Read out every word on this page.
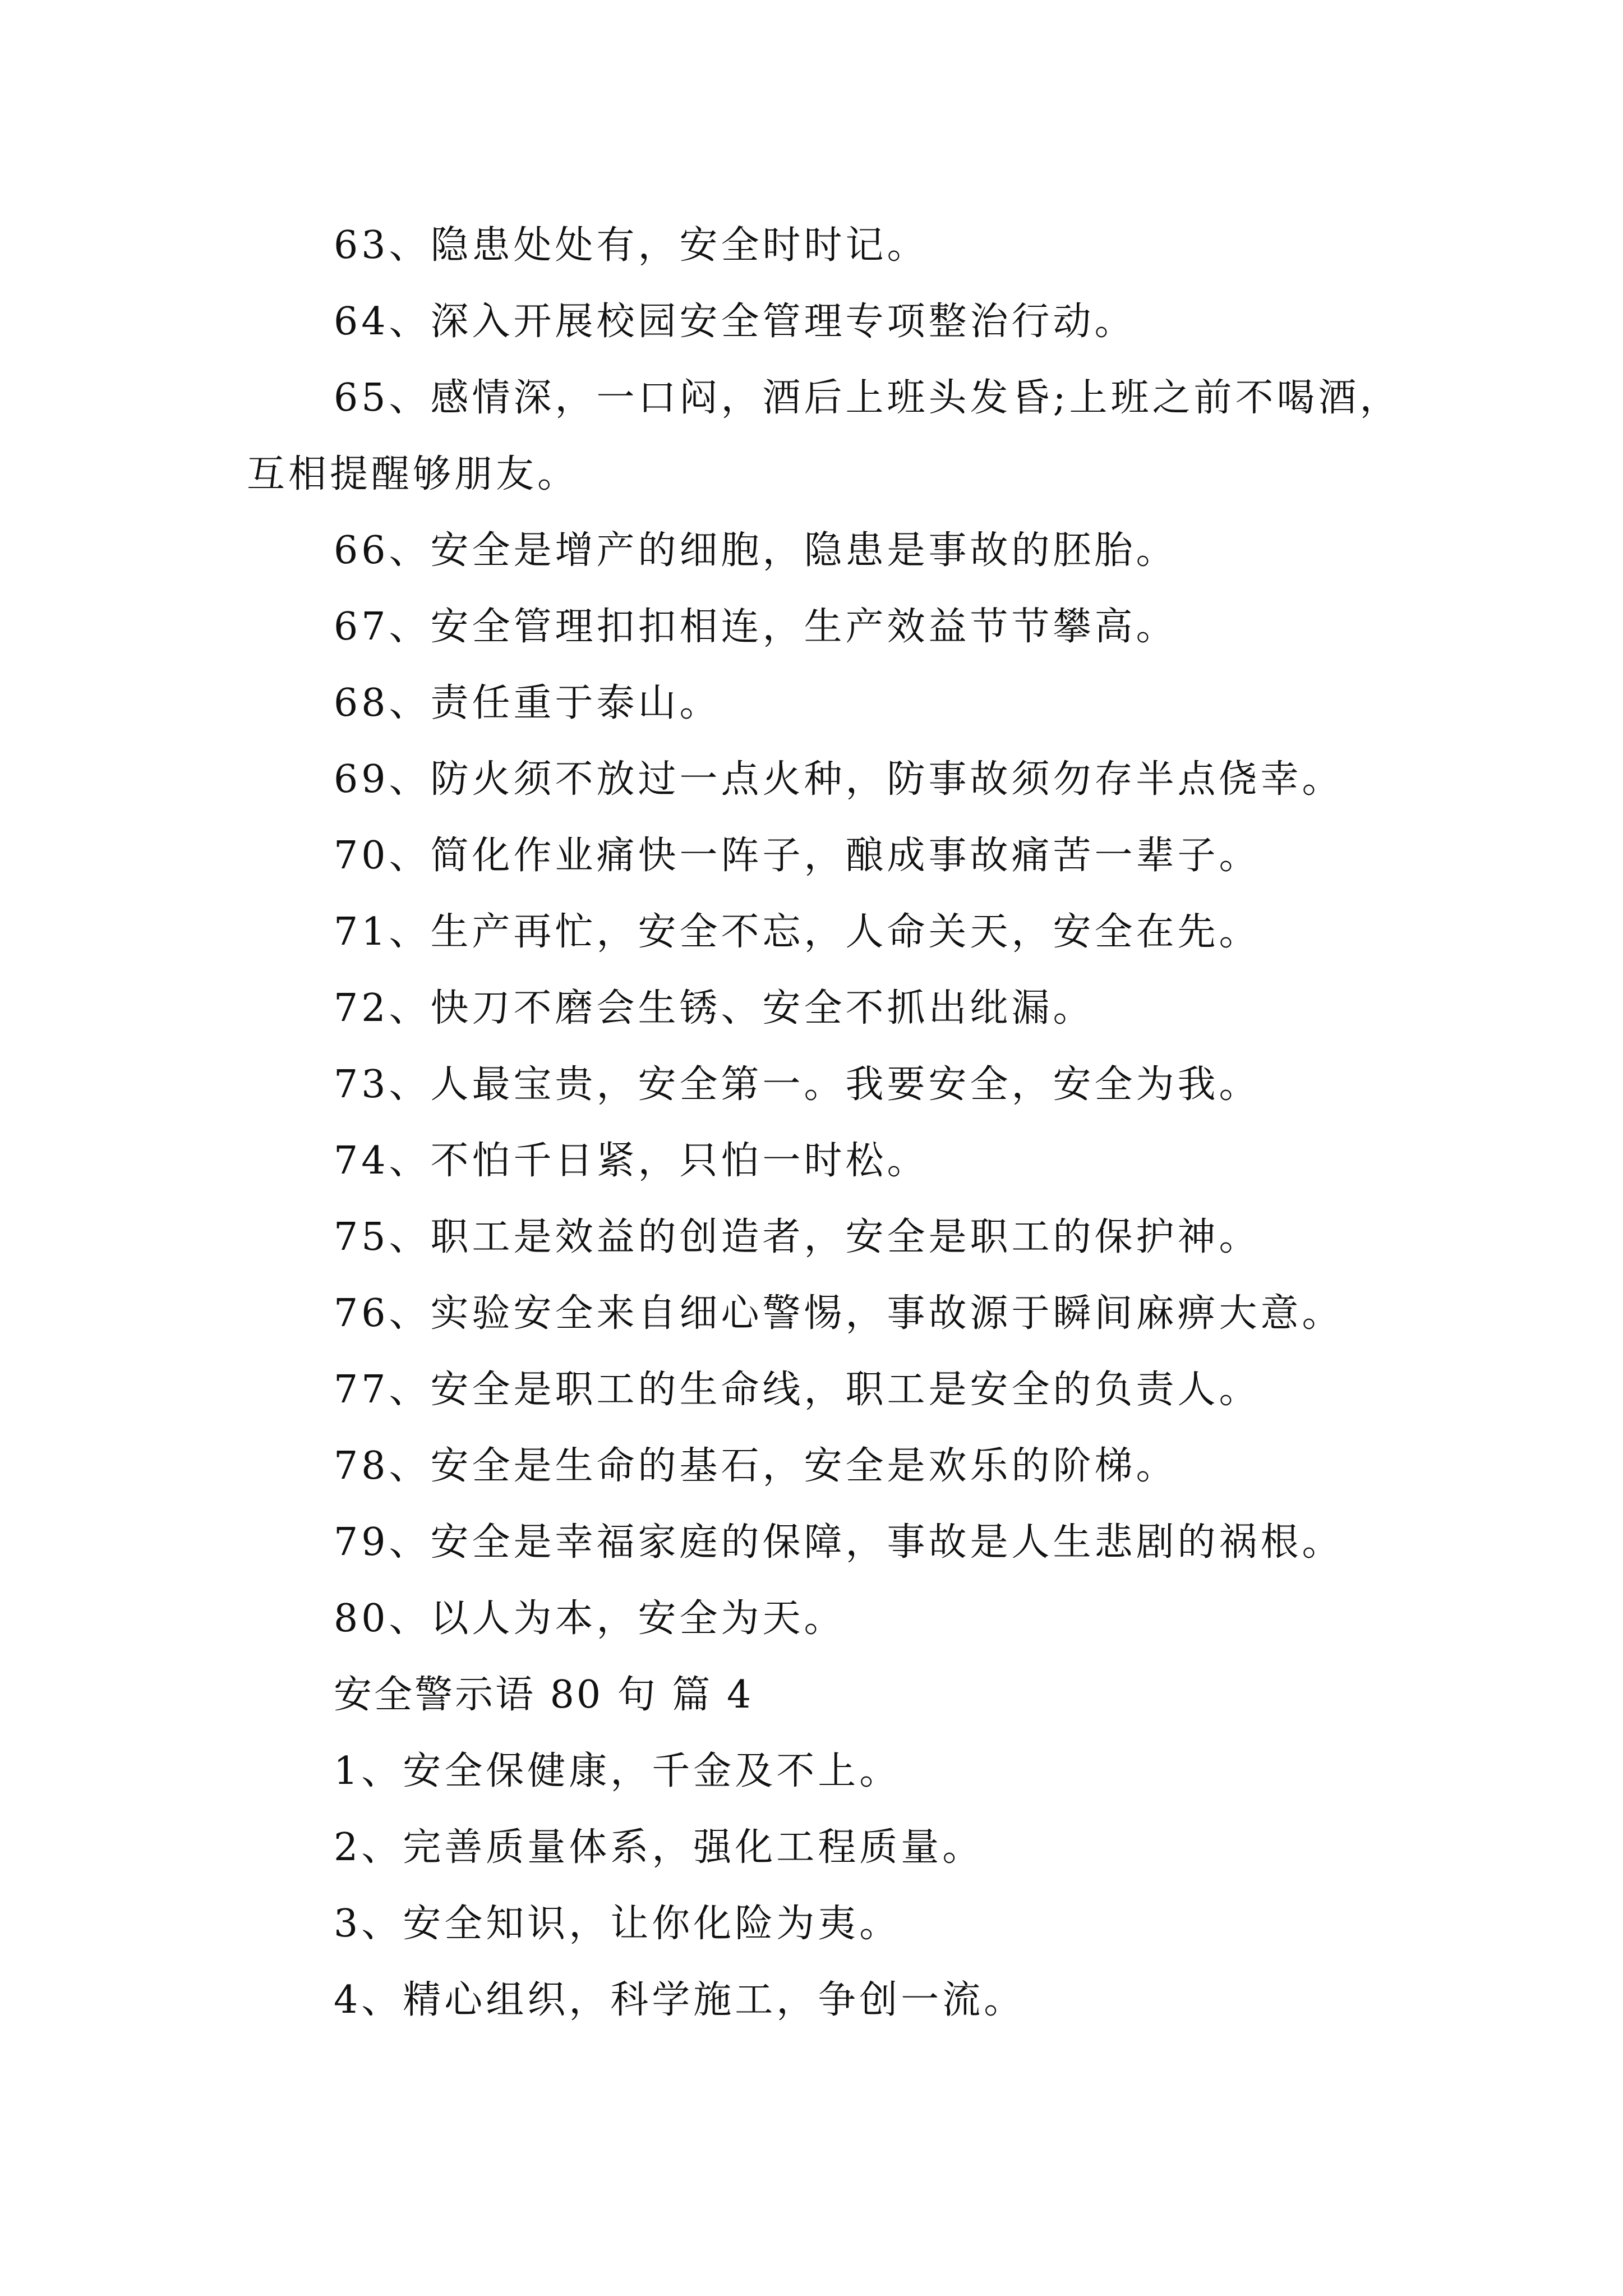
63、隐患处处有，安全时时记。
64、深入开展校园安全管理专项整治行动。
65、感情深，一口闷，酒后上班头发昏;上班之前不喝酒，互相提醒够朋友。
66、安全是增产的细胞，隐患是事故的胚胎。
67、安全管理扣扣相连，生产效益节节攀高。
68、责任重于泰山。
69、防火须不放过一点火种，防事故须勿存半点侥幸。
70、简化作业痛快一阵子，酿成事故痛苦一辈子。
71、生产再忙，安全不忘，人命关天，安全在先。
72、快刀不磨会生锈、安全不抓出纰漏。
73、人最宝贵，安全第一。我要安全，安全为我。
74、不怕千日紧，只怕一时松。
75、职工是效益的创造者，安全是职工的保护神。
76、实验安全来自细心警惕，事故源于瞬间麻痹大意。
77、安全是职工的生命线，职工是安全的负责人。
78、安全是生命的基石，安全是欢乐的阶梯。
79、安全是幸福家庭的保障，事故是人生悲剧的祸根。
80、以人为本，安全为天。
安全警示语 80 句 篇 4
1、安全保健康，千金及不上。
2、完善质量体系，强化工程质量。
3、安全知识，让你化险为夷。
4、精心组织，科学施工，争创一流。
